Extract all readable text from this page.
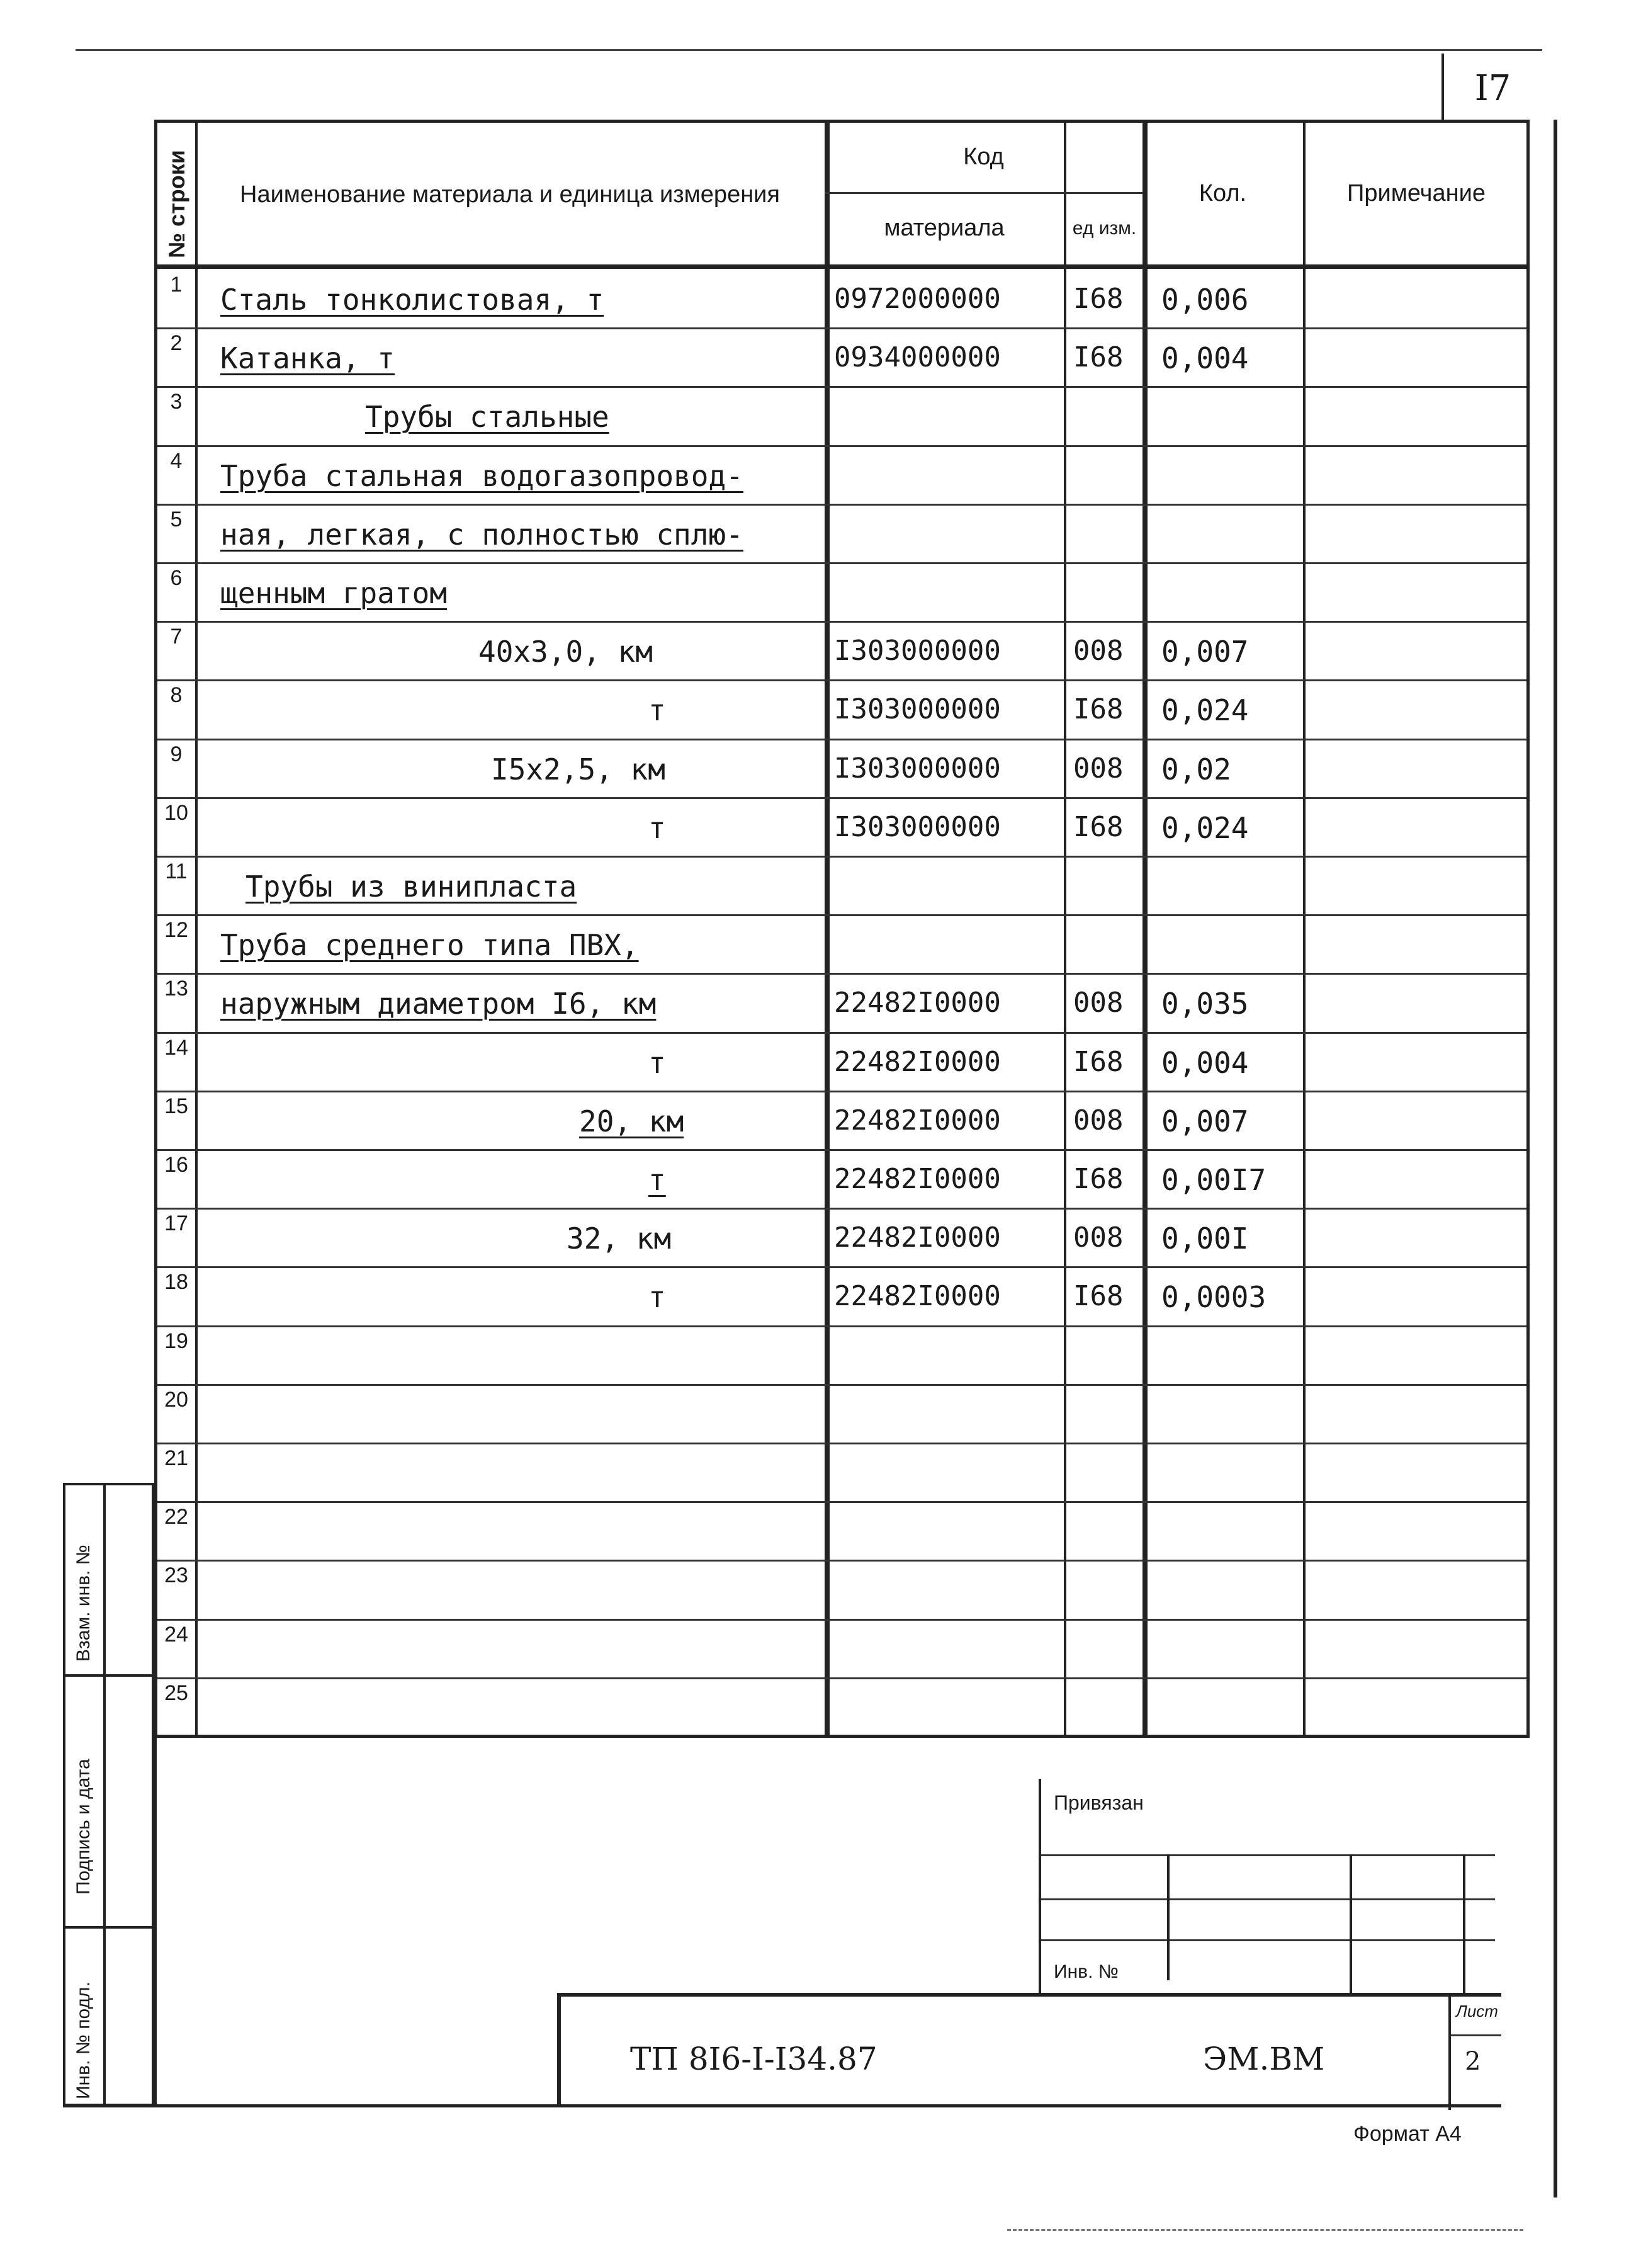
I7
№ строки Наименование материала и единица измерения
Код
материала	ед изм.
Кол.	Примечание
1	Сталь тонколистовая, т	0972000000	I68 0,006
2	Катанка, т	0934000000	I68 0,004
3	Трубы стальные
4	Труба стальная водогазопровод-
5	ная, легкая, с полностью сплю-
6	щенным гратом
7	40х3,0, км	I303000000	008 0,007
8	т	I303000000	I68 0,024
9	I5х2,5, км	I303000000	008 0,02
10	т	I303000000	I68 0,024
11 Трубы из винипласта
12 Труба среднего типа ПВХ,
13 наружным диаметром I6, км	22482I0000	008 0,035
14	т	22482I0000	I68 0,004
15	20, км	22482I0000	008 0,007
16	т	22482I0000	I68 0,00I7
17	32, км	22482I0000	008 0,00I
18	т	22482I0000	I68 0,0003
19
20
21
22
23
24
25
Взам. инв. №
Подпись и дата
Инв. № подл.
Привязан
Инв. №
ТП 8I6-I-I34.87	ЭМ.ВМ
Лист
2
Формат А4
